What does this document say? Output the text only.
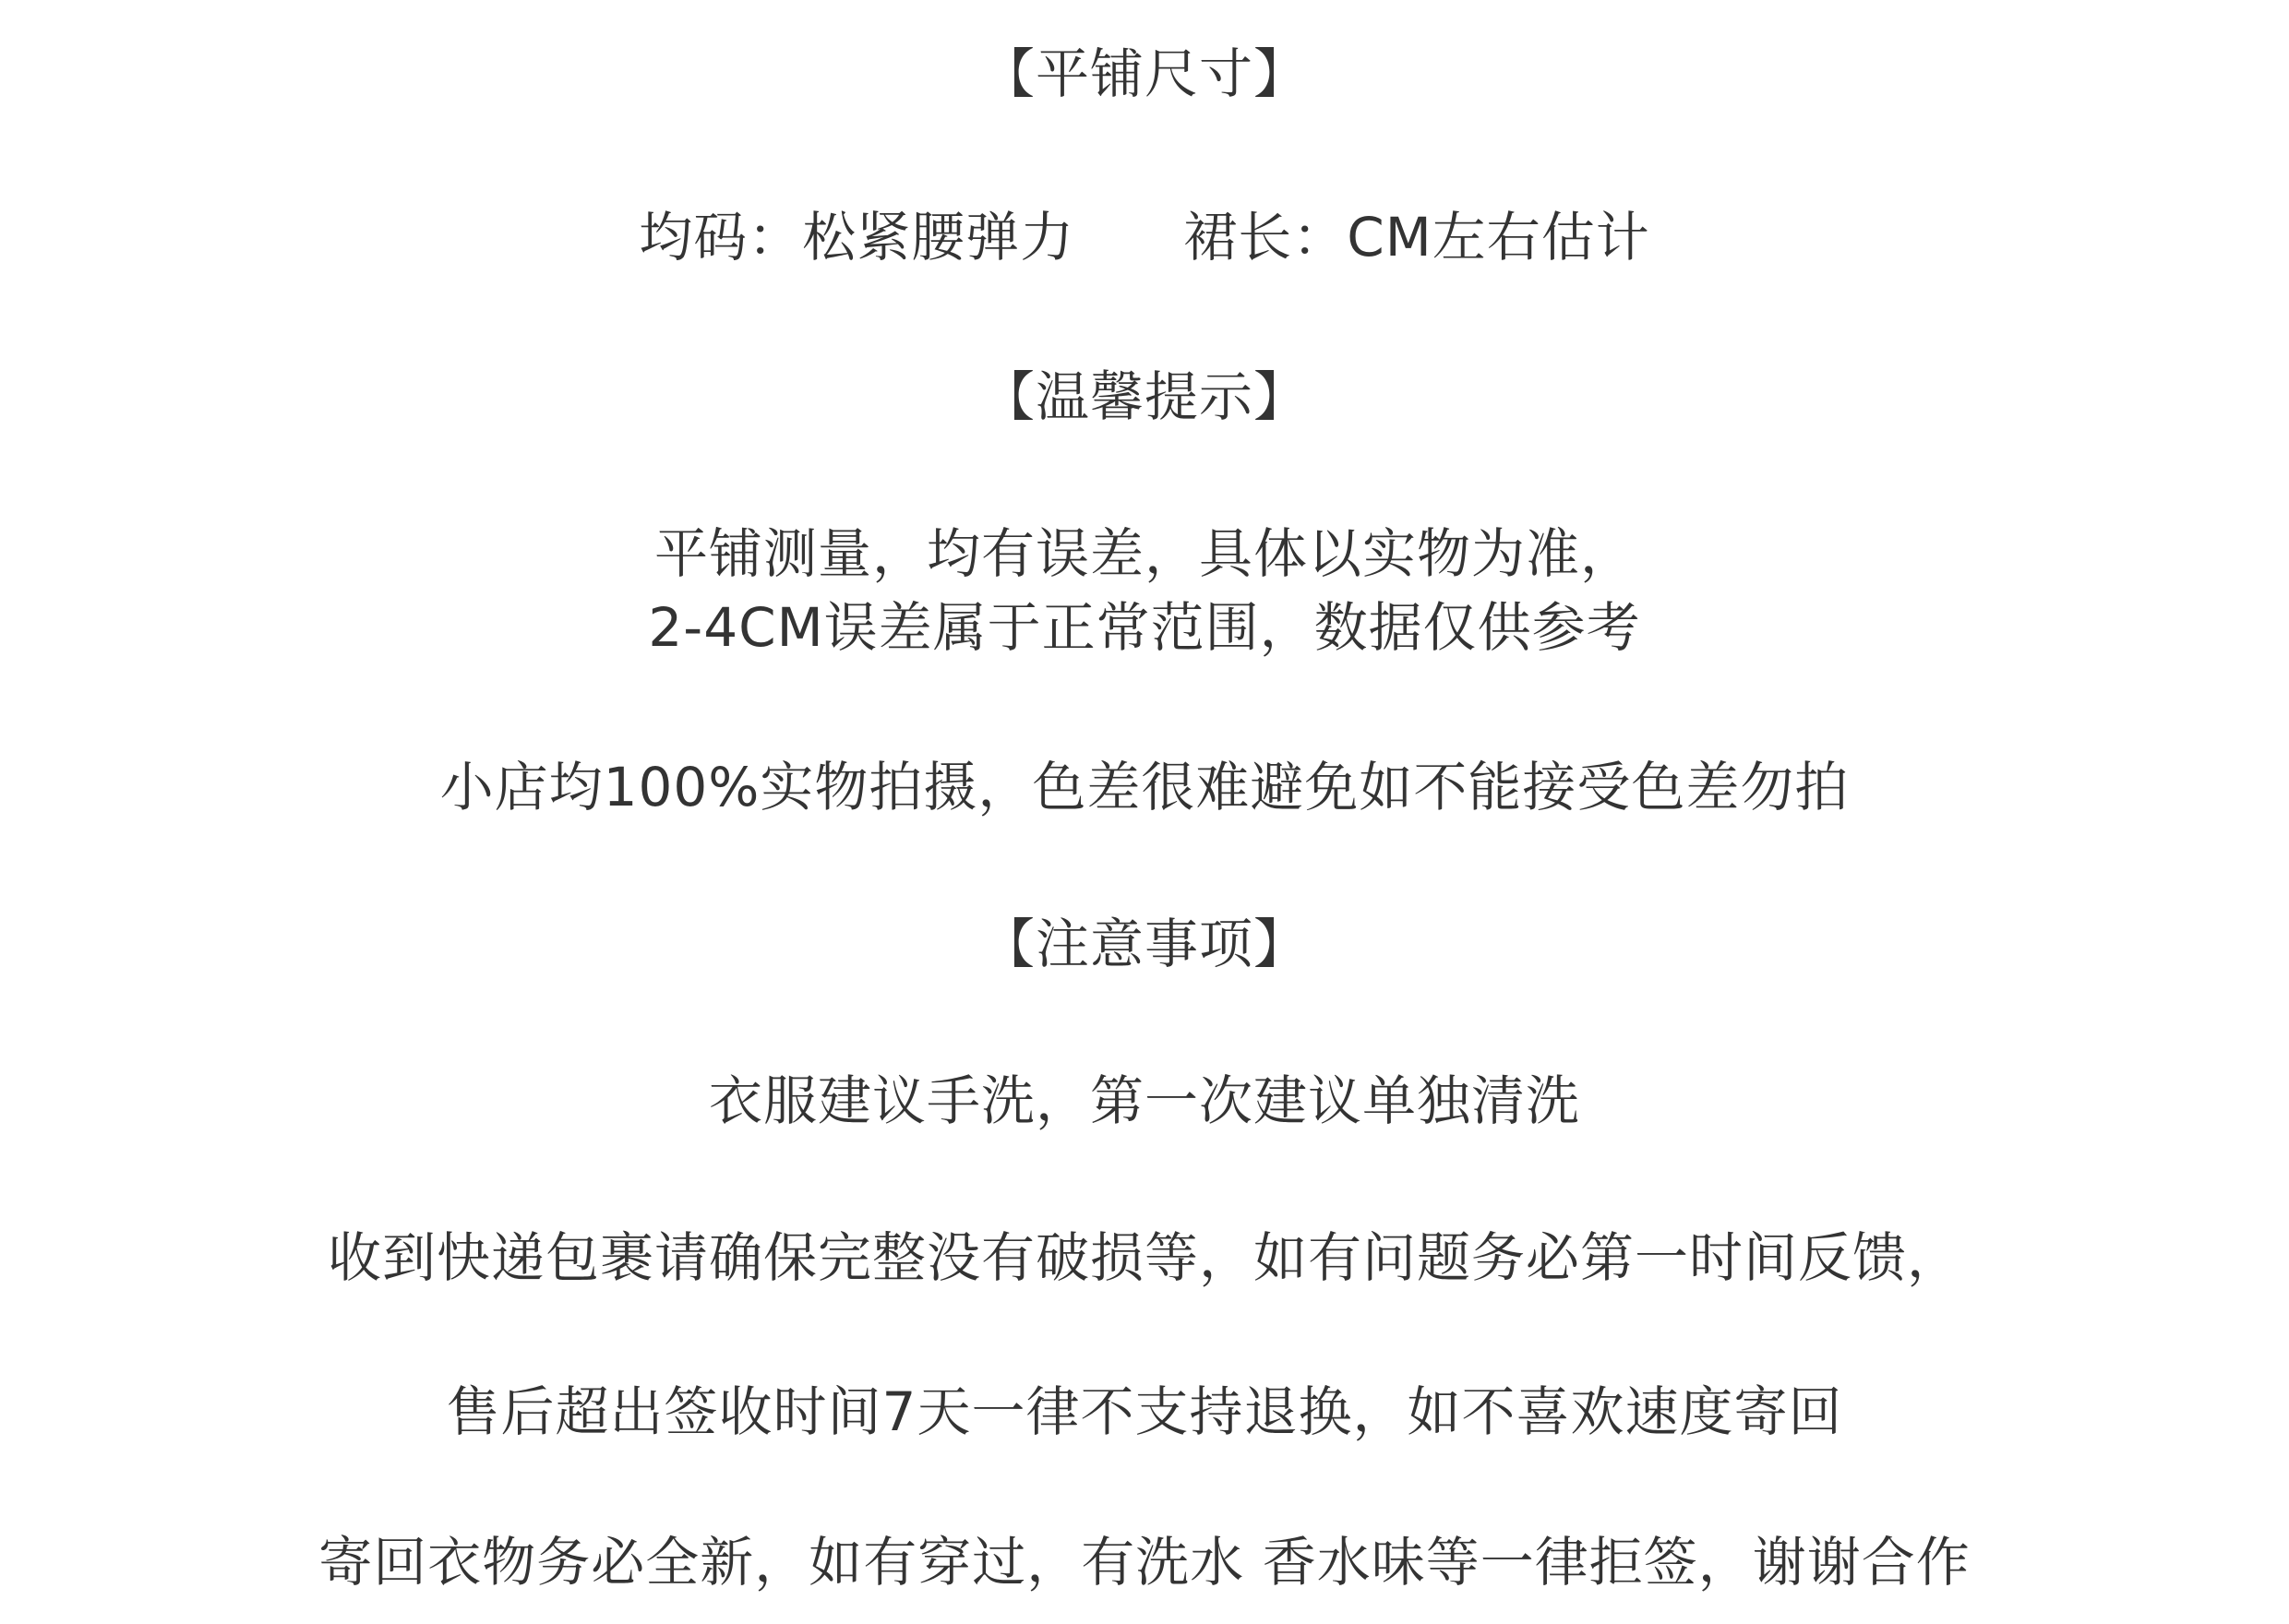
【平铺尺寸】
均码：松紧腰弹力　　裙长：CM左右估计
【温馨提示】
平铺测量，均有误差，具体以实物为准，
2-4CM误差属于正常范围，数据仅供参考
小店均100%实物拍摄，色差很难避免如不能接受色差勿拍
【注意事项】
衣服建议手洗，第一次建议单独清洗
收到快递包裹请确保完整没有破损等，如有问题务必第一时间反馈，
售后超出签收时间7天一律不支持退换，如不喜欢速度寄回
寄回衣物务必全新，如有穿过，有洗水 香水味等一律拒签，谢谢合作
